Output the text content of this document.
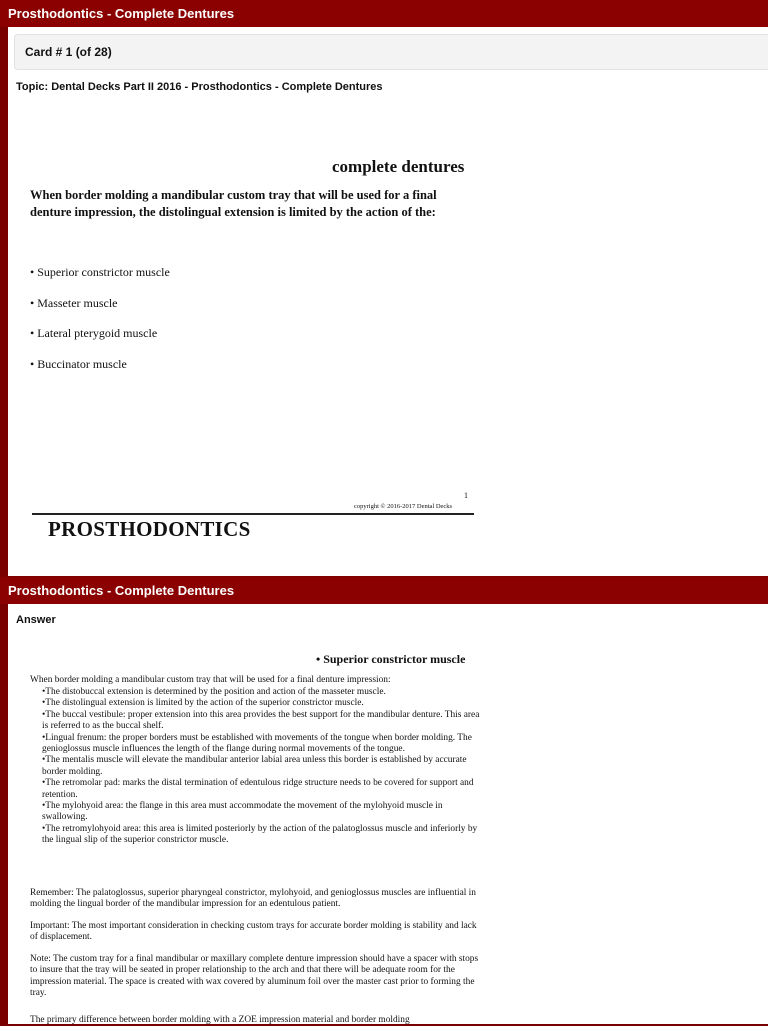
Prosthodontics - Complete Dentures
Card # 1 (of 28)
Topic: Dental Decks Part II 2016 - Prosthodontics - Complete Dentures
complete dentures
When border molding a mandibular custom tray that will be used for a final denture impression, the distolingual extension is limited by the action of the:
• Superior constrictor muscle
• Masseter muscle
• Lateral pterygoid muscle
• Buccinator muscle
1
copyright © 2016-2017 Dental Decks
PROSTHODONTICS
Prosthodontics - Complete Dentures
Answer
• Superior constrictor muscle
When border molding a mandibular custom tray that will be used for a final denture impression:
• The distobuccal extension is determined by the position and action of the masseter muscle.
• The distolingual extension is limited by the action of the superior constrictor muscle.
• The buccal vestibule: proper extension into this area provides the best support for the mandibular denture. This area is referred to as the buccal shelf.
• Lingual frenum: the proper borders must be established with movements of the tongue when border molding. The genioglossus muscle influences the length of the flange during normal movements of the tongue.
• The mentalis muscle will elevate the mandibular anterior labial area unless this border is established by accurate border molding.
• The retromolar pad: marks the distal termination of edentulous ridge structure needs to be covered for support and retention.
• The mylohyoid area: the flange in this area must accommodate the movement of the mylohyoid muscle in swallowing.
• The retromylohyoid area: this area is limited posteriorly by the action of the palatoglossus muscle and inferiorly by the lingual slip of the superior constrictor muscle.

Remember: The palatoglossus, superior pharyngeal constrictor, mylohyoid, and genioglossus muscles are influential in molding the lingual border of the mandibular impression for an edentulous patient.

Important: The most important consideration in checking custom trays for accurate border molding is stability and lack of displacement.

Note: The custom tray for a final mandibular or maxillary complete denture impression should have a spacer with stops to insure that the tray will be seated in proper relationship to the arch and that there will be adequate room for the impression material. The space is created with wax covered by aluminum foil over the master cast prior to forming the tray.

The primary difference between border molding with a ZOE impression material and border molding
